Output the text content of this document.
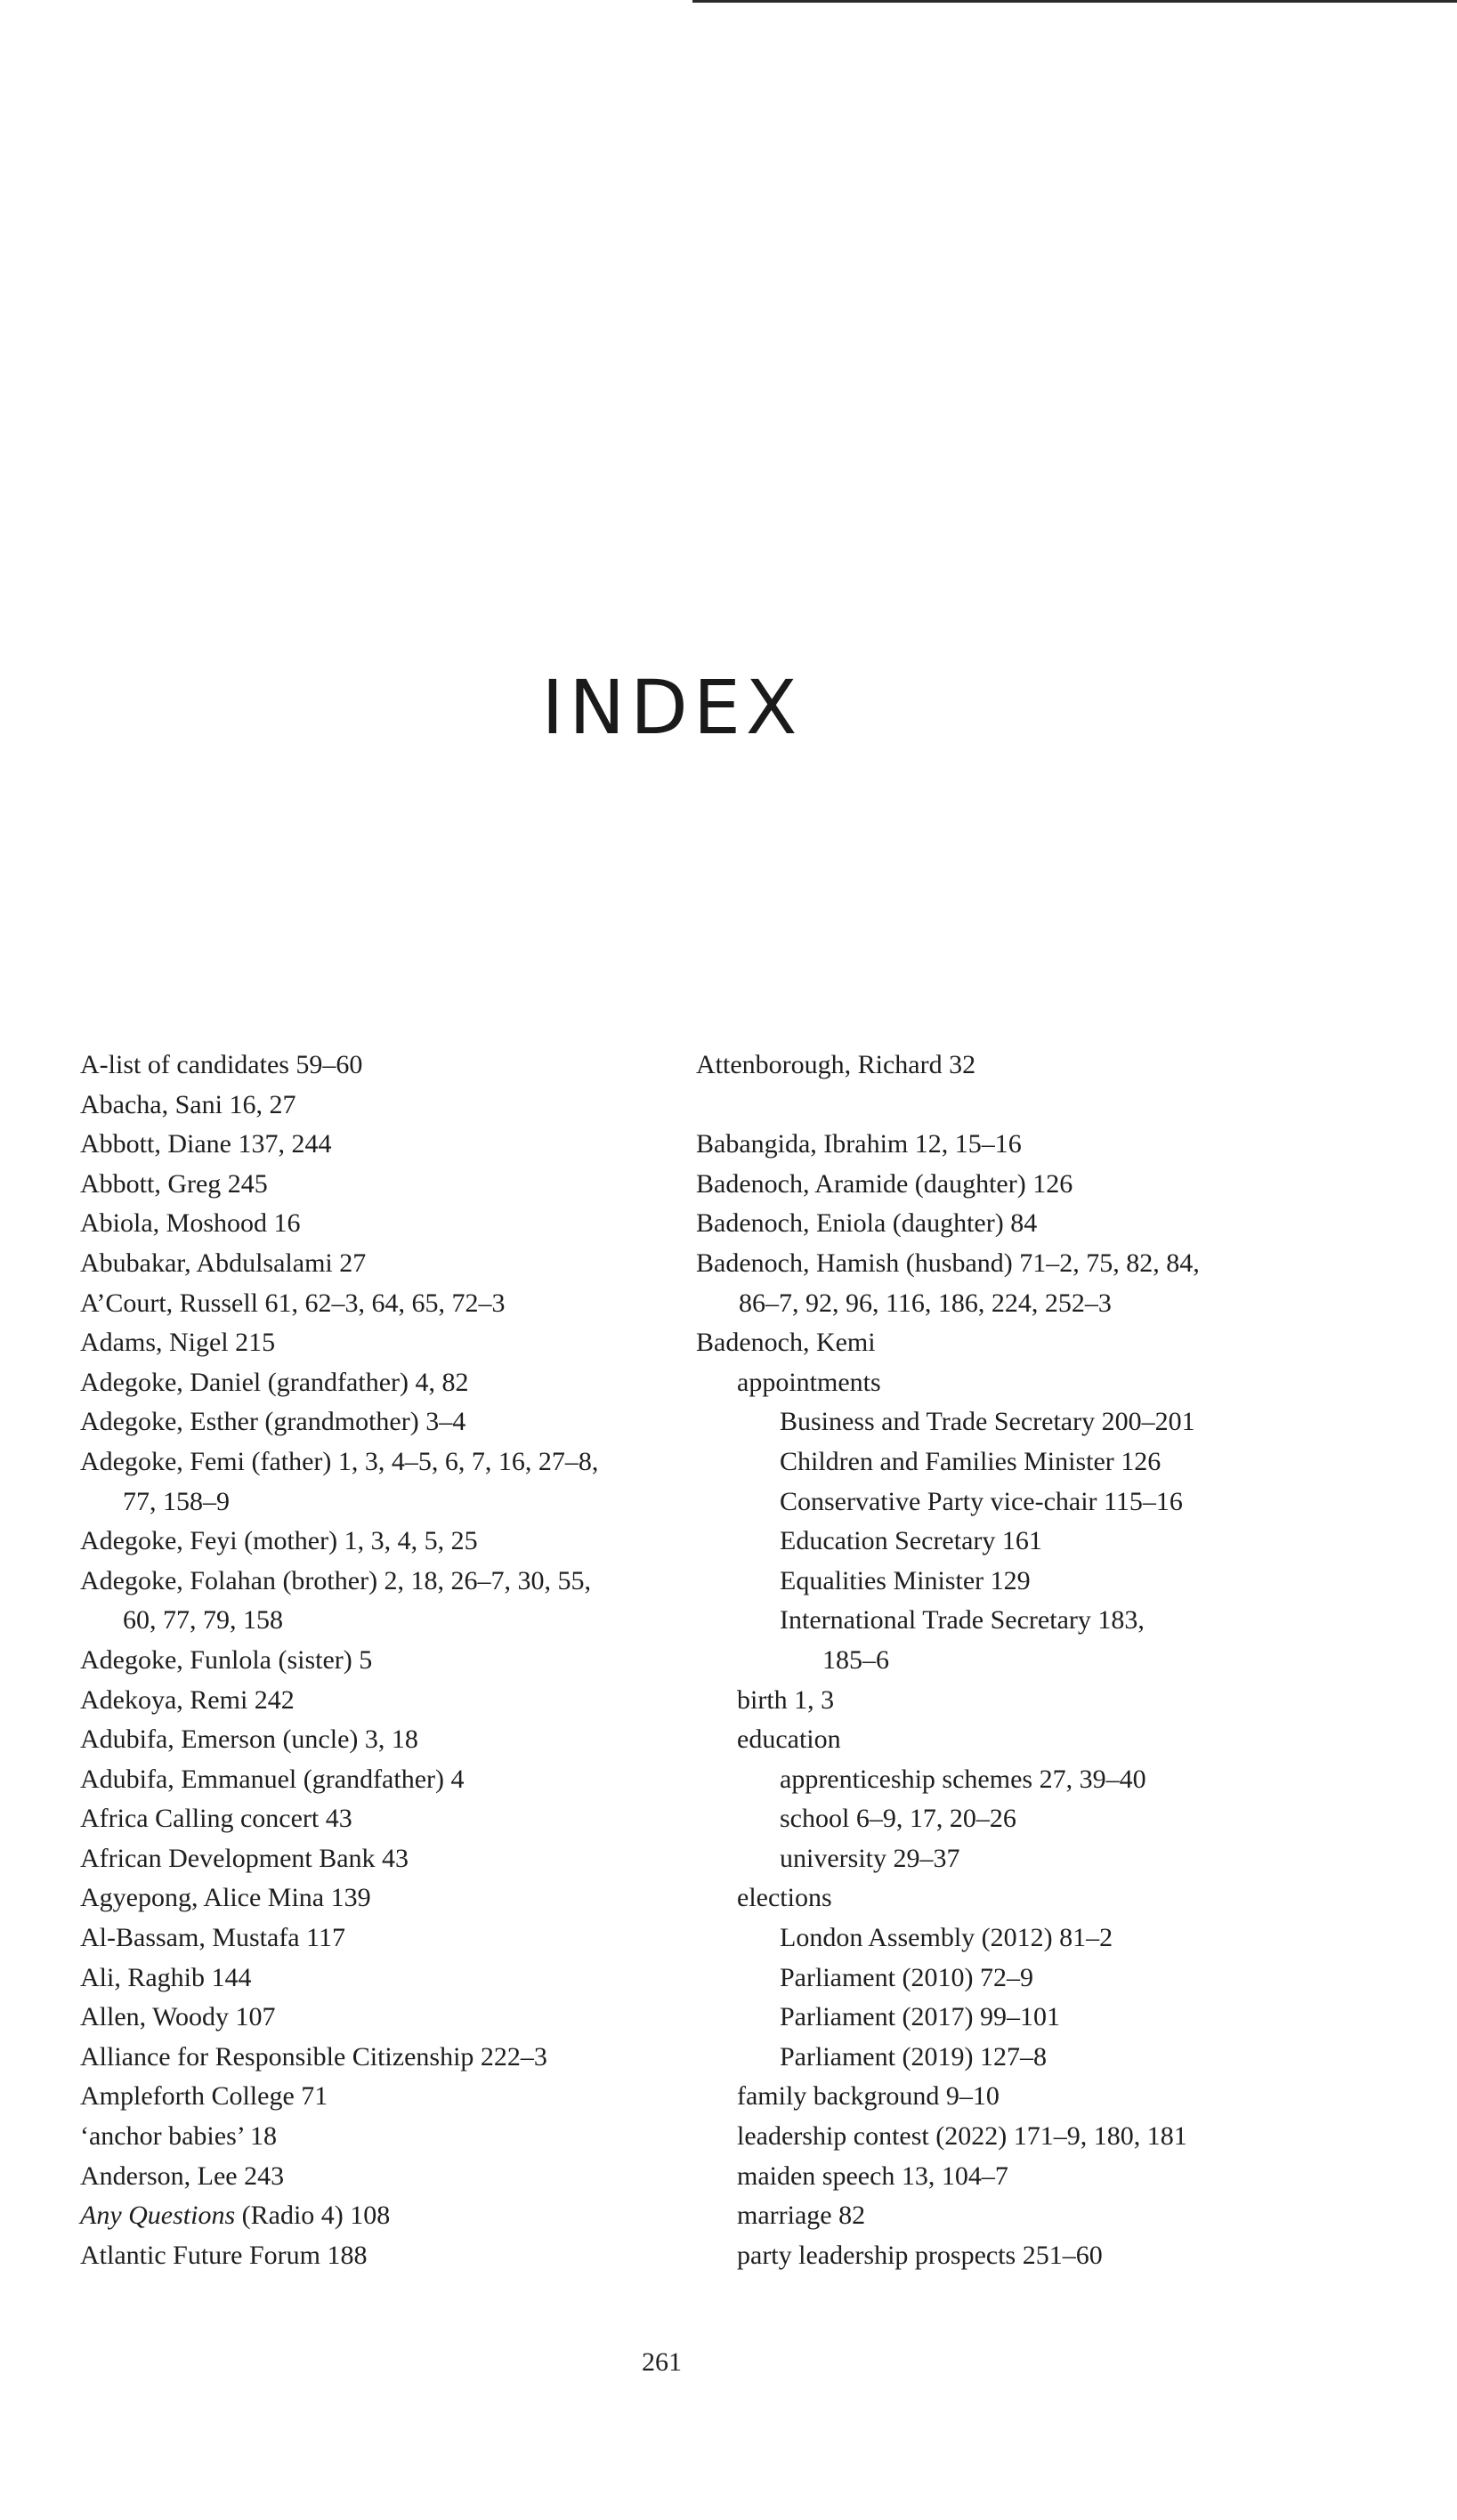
INDEX
A-list of candidates 59–60
Abacha, Sani 16, 27
Abbott, Diane 137, 244
Abbott, Greg 245
Abiola, Moshood 16
Abubakar, Abdulsalami 27
A’Court, Russell 61, 62–3, 64, 65, 72–3
Adams, Nigel 215
Adegoke, Daniel (grandfather) 4, 82
Adegoke, Esther (grandmother) 3–4
Adegoke, Femi (father) 1, 3, 4–5, 6, 7, 16, 27–8,
77, 158–9
Adegoke, Feyi (mother) 1, 3, 4, 5, 25
Adegoke, Folahan (brother) 2, 18, 26–7, 30, 55,
60, 77, 79, 158
Adegoke, Funlola (sister) 5
Adekoya, Remi 242
Adubifa, Emerson (uncle) 3, 18
Adubifa, Emmanuel (grandfather) 4
Africa Calling concert 43
African Development Bank 43
Agyepong, Alice Mina 139
Al-Bassam, Mustafa 117
Ali, Raghib 144
Allen, Woody 107
Alliance for Responsible Citizenship 222–3
Ampleforth College 71
‘anchor babies’ 18
Anderson, Lee 243
Any Questions (Radio 4) 108
Atlantic Future Forum 188
Attenborough, Richard 32
Babangida, Ibrahim 12, 15–16
Badenoch, Aramide (daughter) 126
Badenoch, Eniola (daughter) 84
Badenoch, Hamish (husband) 71–2, 75, 82, 84,
86–7, 92, 96, 116, 186, 224, 252–3
Badenoch, Kemi
appointments
Business and Trade Secretary 200–201
Children and Families Minister 126
Conservative Party vice-chair 115–16
Education Secretary 161
Equalities Minister 129
International Trade Secretary 183,
185–6
birth 1, 3
education
apprenticeship schemes 27, 39–40
school 6–9, 17, 20–26
university 29–37
elections
London Assembly (2012) 81–2
Parliament (2010) 72–9
Parliament (2017) 99–101
Parliament (2019) 127–8
family background 9–10
leadership contest (2022) 171–9, 180, 181
maiden speech 13, 104–7
marriage 82
party leadership prospects 251–60
261
